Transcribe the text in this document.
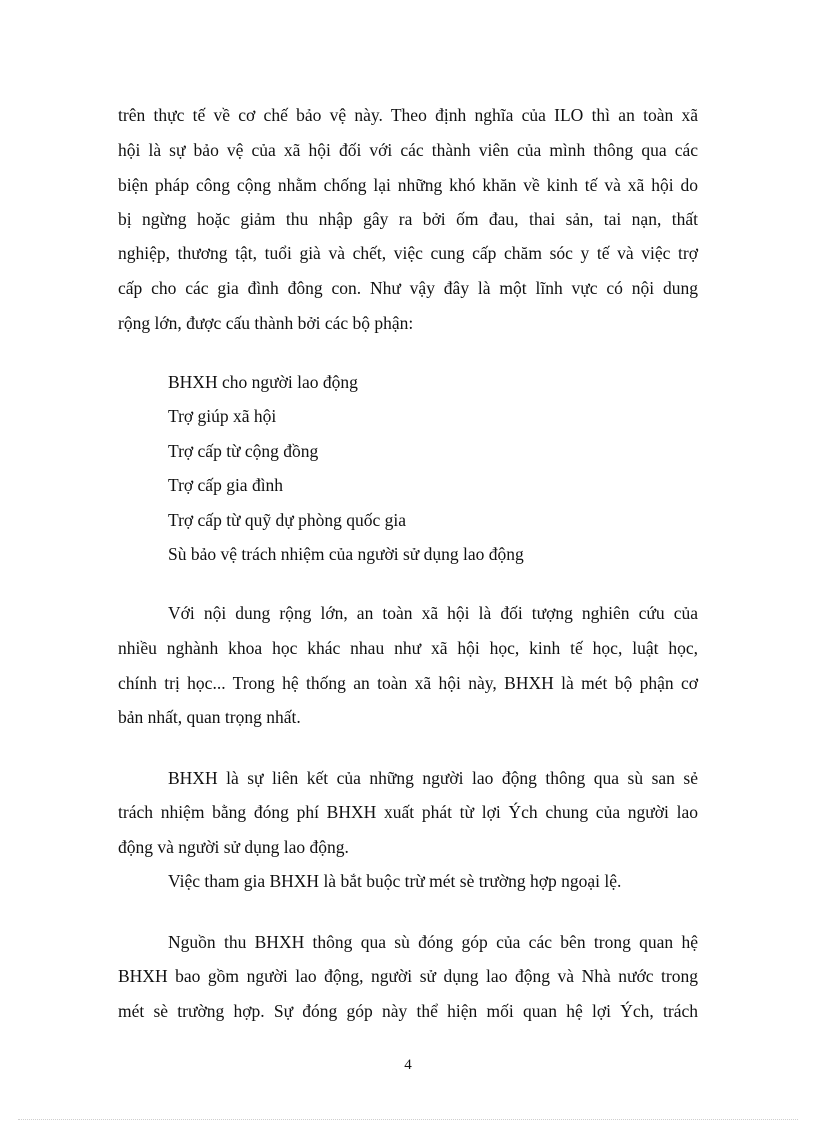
trên thực tế về cơ chế bảo vệ này. Theo định nghĩa của ILO thì an toàn xã
hội là sự bảo vệ của xã hội đối với các thành viên của mình thông qua các
biện pháp công cộng nhằm chống lại những khó khăn về kinh tế và xã hội do
bị ngừng hoặc giảm thu nhập gây ra bởi ốm đau, thai sản, tai nạn, thất
nghiệp, thương tật, tuổi già và chết, việc cung cấp chăm sóc y tế và việc trợ
cấp cho các gia đình đông con. Như vậy đây là một lĩnh vực có nội dung
rộng lớn, được cấu thành bởi các bộ phận:
BHXH cho người lao động
Trợ giúp xã hội
Trợ cấp từ cộng đồng
Trợ cấp gia đình
Trợ cấp từ quỹ dự phòng quốc gia
Sù bảo vệ trách nhiệm của người sử dụng lao động
Với nội dung rộng lớn, an toàn xã hội là đối tượng nghiên cứu của
nhiều nghành khoa học khác nhau như xã hội học, kinh tế học, luật học,
chính trị học... Trong hệ thống an toàn xã hội này, BHXH là mét bộ phận cơ
bản nhất, quan trọng nhất.
BHXH là sự liên kết của những người lao động thông qua sù san sẻ
trách nhiệm bằng đóng phí BHXH xuất phát từ lợi Ých chung của người lao
động và người sử dụng lao động.
Việc tham gia BHXH là bắt buộc trừ mét sè trường hợp ngoại lệ.
Nguồn thu BHXH thông qua sù đóng góp của các bên trong quan hệ
BHXH bao gồm người lao động, người sử dụng lao động và Nhà nước trong
mét sè trường hợp. Sự đóng góp này thể hiện mối quan hệ lợi Ých, trách
4
